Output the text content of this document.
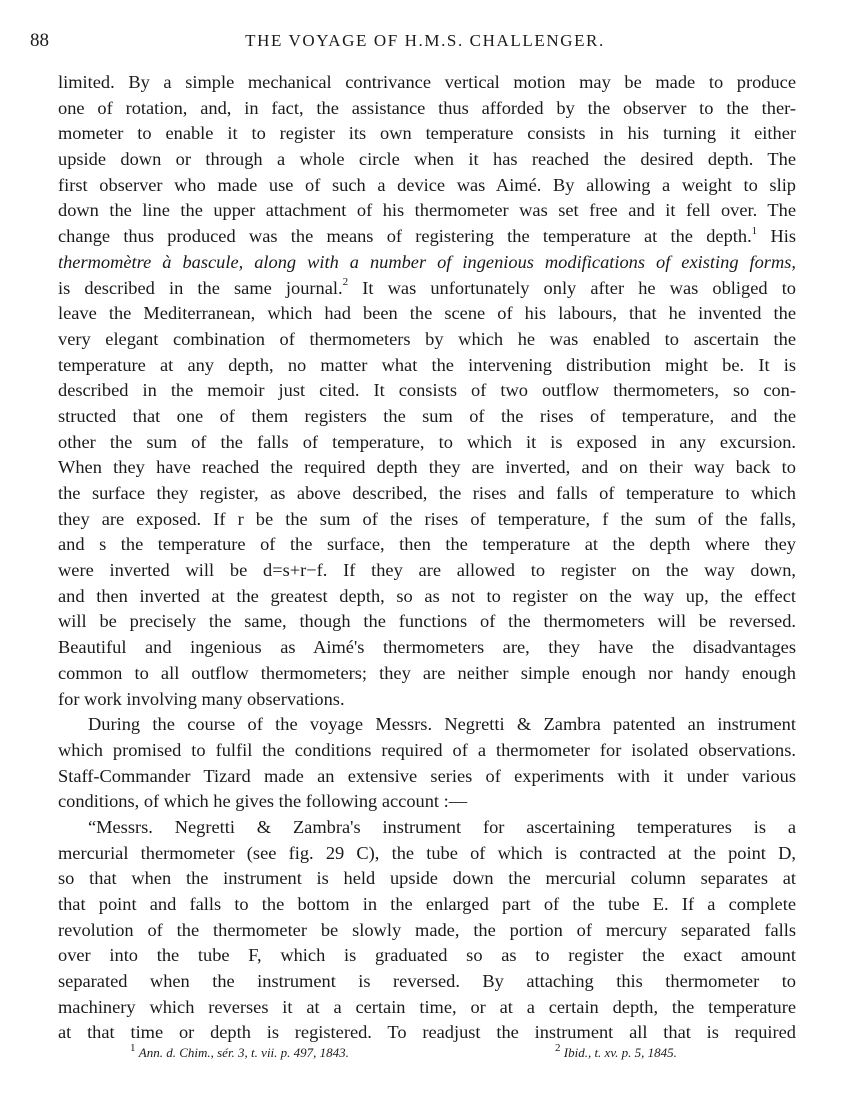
88	THE VOYAGE OF H.M.S. CHALLENGER.
limited. By a simple mechanical contrivance vertical motion may be made to produce
one of rotation, and, in fact, the assistance thus afforded by the observer to the ther-
mometer to enable it to register its own temperature consists in his turning it either
upside down or through a whole circle when it has reached the desired depth. The
first observer who made use of such a device was Aimé. By allowing a weight to slip
down the line the upper attachment of his thermometer was set free and it fell over. The
change thus produced was the means of registering the temperature at the depth.$^1$ His
thermomètre à bascule, along with a number of ingenious modifications of existing forms,
is described in the same journal.$^2$ It was unfortunately only after he was obliged to
leave the Mediterranean, which had been the scene of his labours, that he invented the
very elegant combination of thermometers by which he was enabled to ascertain the
temperature at any depth, no matter what the intervening distribution might be. It is
described in the memoir just cited. It consists of two outflow thermometers, so con-
structed that one of them registers the sum of the rises of temperature, and the
other the sum of the falls of temperature, to which it is exposed in any excursion.
When they have reached the required depth they are inverted, and on their way back to
the surface they register, as above described, the rises and falls of temperature to which
they are exposed. If r be the sum of the rises of temperature, f the sum of the falls,
and s the temperature of the surface, then the temperature at the depth where they
were inverted will be d=s+r−f. If they are allowed to register on the way down,
and then inverted at the greatest depth, so as not to register on the way up, the effect
will be precisely the same, though the functions of the thermometers will be reversed.
Beautiful and ingenious as Aimé's thermometers are, they have the disadvantages
common to all outflow thermometers; they are neither simple enough nor handy enough
for work involving many observations.
During the course of the voyage Messrs. Negretti & Zambra patented an instrument
which promised to fulfil the conditions required of a thermometer for isolated observations.
Staff-Commander Tizard made an extensive series of experiments with it under various
conditions, of which he gives the following account :—
“Messrs. Negretti & Zambra's instrument for ascertaining temperatures is a
mercurial thermometer (see fig. 29 C), the tube of which is contracted at the point D,
so that when the instrument is held upside down the mercurial column separates at
that point and falls to the bottom in the enlarged part of the tube E. If a complete
revolution of the thermometer be slowly made, the portion of mercury separated falls
over into the tube F, which is graduated so as to register the exact amount
separated when the instrument is reversed. By attaching this thermometer to
machinery which reverses it at a certain time, or at a certain depth, the temperature
at that time or depth is registered. To readjust the instrument all that is required
$^1$ Ann. d. Chim., sér. 3, t. vii. p. 497, 1843.	$^2$ Ibid., t. xv. p. 5, 1845.
